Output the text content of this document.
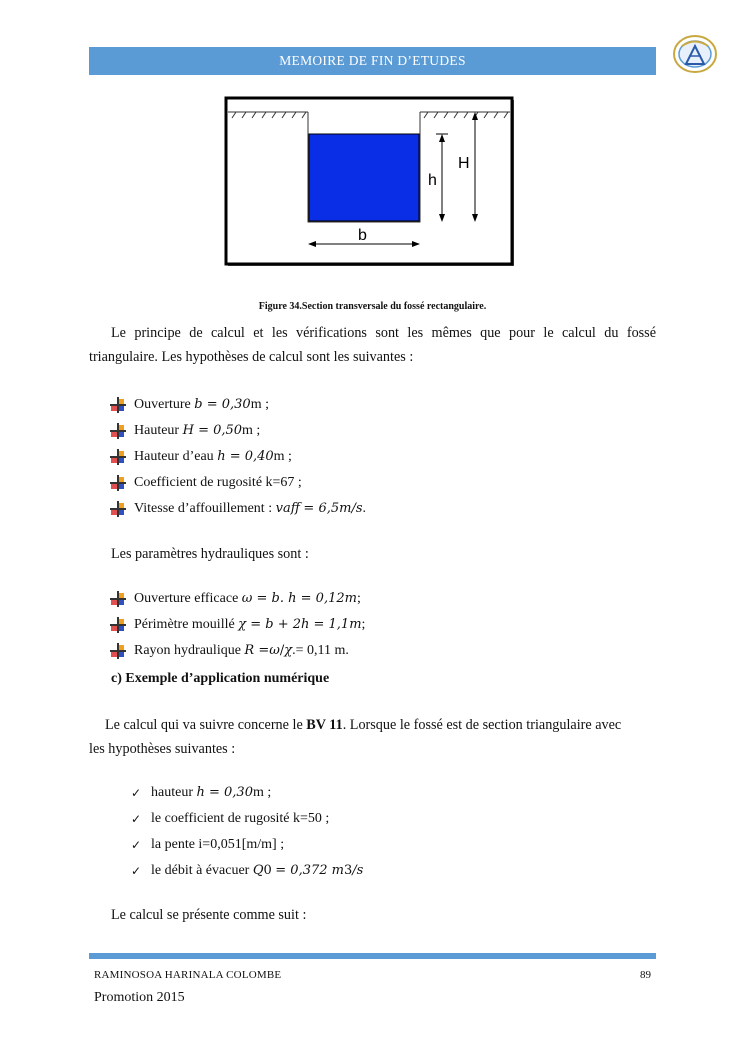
MEMOIRE DE FIN D’ETUDES
h
H
b
Figure 34.Section transversale du fossé rectangulaire.
Le principe de calcul et les vérifications sont les mêmes que pour le calcul du fossé
triangulaire. Les hypothèses de calcul sont les suivantes :
Ouverture
b = 0,30 m ;
Hauteur
H = 0,50 m ;
Hauteur d’eau
h = 0,40 m ;
Coefficient de rugosité k=67 ;
Vitesse d’affouillement :
v aff
= 6,5m/s .
Les paramètres hydrauliques sont :
Ouverture efficace
ω = b. h = 0,12m ;
Périmètre mouillé
χ = b + 2h = 1,1m ;
Rayon hydraulique
R = ω / χ .= 0,11 m.
c) Exemple d’application numérique
Le calcul qui va suivre concerne le BV 11. Lorsque le fossé est de section triangulaire avec
les hypothèses suivantes :
✓ hauteur
h = 0,30 m ;
✓ le coefficient de rugosité k=50 ;
✓ la pente i=0,051[m/m] ;
✓ le débit à évacuer
Q 0
= 0,372 m 3 /s
Le calcul se présente comme suit :
RAMINOSOA HARINALA COLOMBE	89
Promotion 2015
